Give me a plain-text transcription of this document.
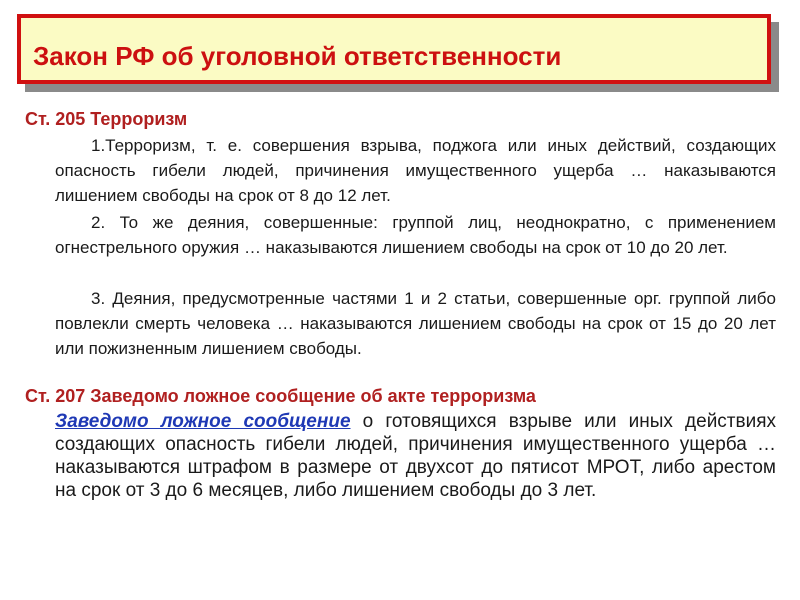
Закон РФ об уголовной ответственности
Ст. 205 Терроризм
1.Терроризм, т. е. совершения взрыва, поджога или иных действий, создающих опасность гибели людей, причинения имущественного ущерба … наказываются лишением свободы на срок от 8 до 12 лет.
2. То же деяния, совершенные: группой лиц, неоднократно, с применением огнестрельного оружия … наказываются лишением свободы на срок от 10 до 20 лет.
3. Деяния, предусмотренные частями 1 и 2 статьи, совершенные орг. группой либо повлекли смерть человека … наказываются лишением свободы на срок от 15 до 20 лет или пожизненным лишением свободы.
Ст. 207 Заведомо ложное сообщение об акте терроризма
Заведомо ложное сообщение о готовящихся взрыве или иных действиях создающих опасность гибели людей, причинения имущественного ущерба … наказываются штрафом в размере от двухсот до пятисот МРОТ, либо арестом на срок от 3 до 6 месяцев, либо лишением свободы до 3 лет.
